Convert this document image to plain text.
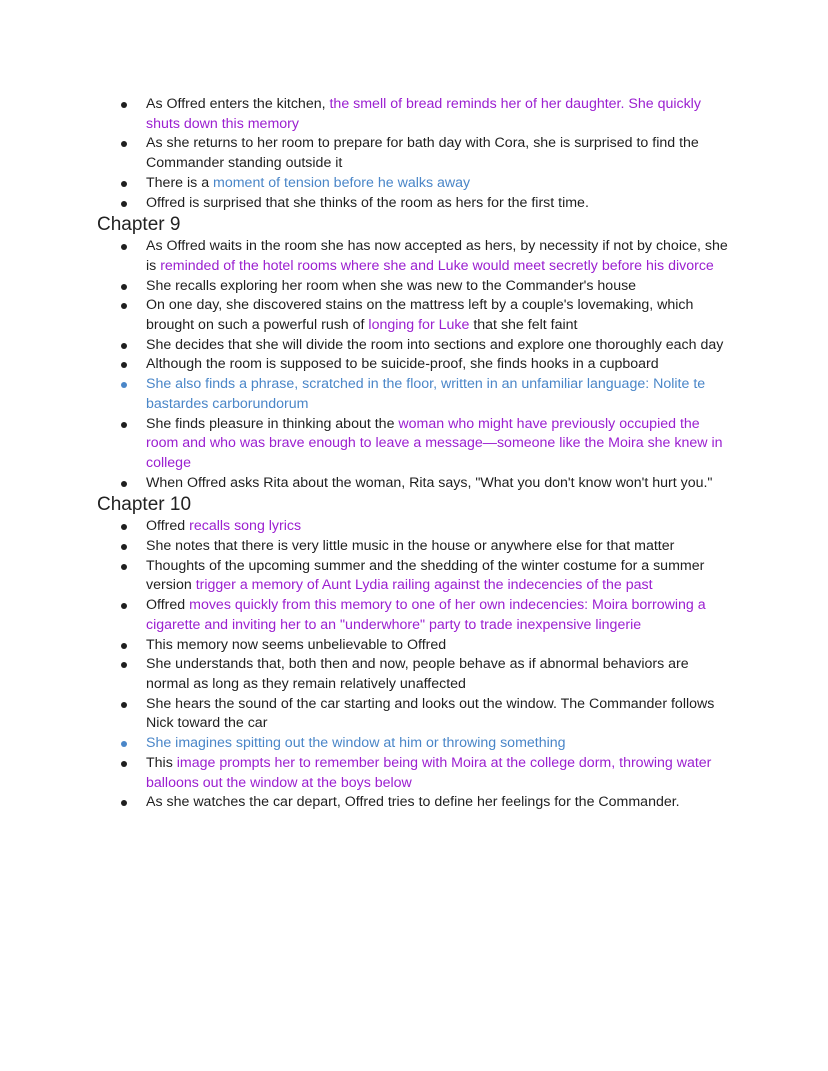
As Offred enters the kitchen, the smell of bread reminds her of her daughter. She quickly shuts down this memory
As she returns to her room to prepare for bath day with Cora, she is surprised to find the Commander standing outside it
There is a moment of tension before he walks away
Offred is surprised that she thinks of the room as hers for the first time.
Chapter 9
As Offred waits in the room she has now accepted as hers, by necessity if not by choice, she is reminded of the hotel rooms where she and Luke would meet secretly before his divorce
She recalls exploring her room when she was new to the Commander's house
On one day, she discovered stains on the mattress left by a couple's lovemaking, which brought on such a powerful rush of longing for Luke that she felt faint
She decides that she will divide the room into sections and explore one thoroughly each day
Although the room is supposed to be suicide-proof, she finds hooks in a cupboard
She also finds a phrase, scratched in the floor, written in an unfamiliar language: Nolite te bastardes carborundorum
She finds pleasure in thinking about the woman who might have previously occupied the room and who was brave enough to leave a message—someone like the Moira she knew in college
When Offred asks Rita about the woman, Rita says, "What you don't know won't hurt you."
Chapter 10
Offred recalls song lyrics
She notes that there is very little music in the house or anywhere else for that matter
Thoughts of the upcoming summer and the shedding of the winter costume for a summer version trigger a memory of Aunt Lydia railing against the indecencies of the past
Offred moves quickly from this memory to one of her own indecencies: Moira borrowing a cigarette and inviting her to an "underwhore" party to trade inexpensive lingerie
This memory now seems unbelievable to Offred
She understands that, both then and now, people behave as if abnormal behaviors are normal as long as they remain relatively unaffected
She hears the sound of the car starting and looks out the window. The Commander follows Nick toward the car
She imagines spitting out the window at him or throwing something
This image prompts her to remember being with Moira at the college dorm, throwing water balloons out the window at the boys below
As she watches the car depart, Offred tries to define her feelings for the Commander.
